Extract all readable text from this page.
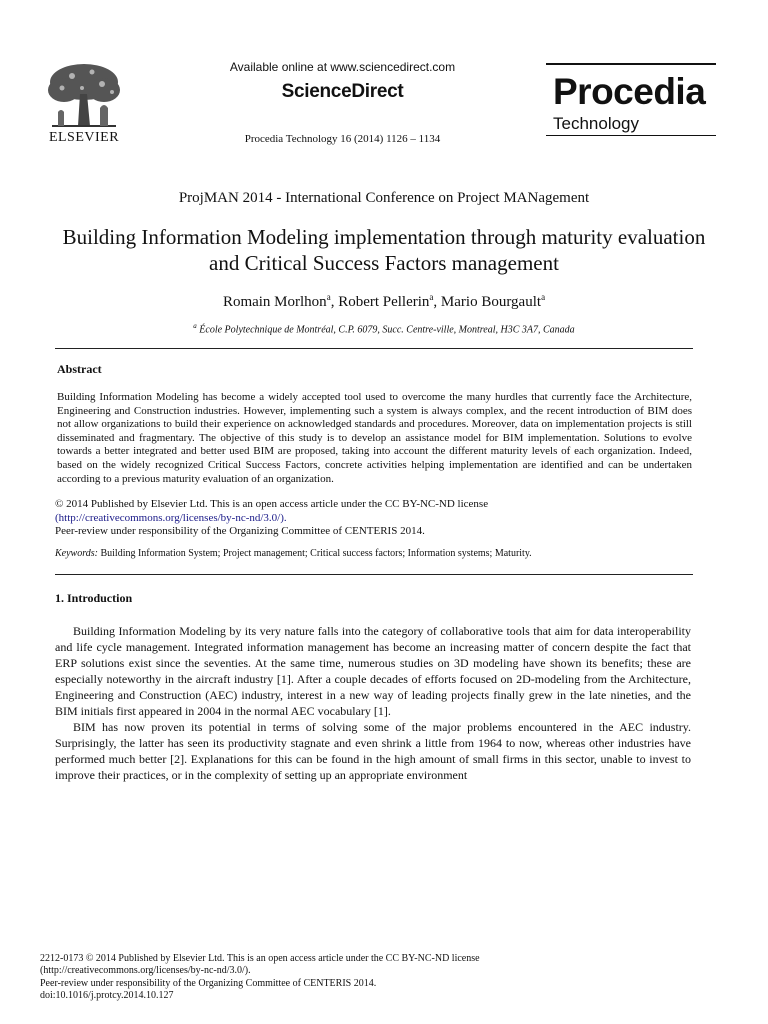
ELSEVIER
Available online at www.sciencedirect.com
ScienceDirect
Procedia Technology 16 (2014) 1126 – 1134
Procedia
Technology
ProjMAN 2014 - International Conference on Project MANagement
Building Information Modeling implementation through maturity evaluation and Critical Success Factors management
Romain Morlhon$^a$, Robert Pellerin$^a$, Mario Bourgault$^a$
$^a$ École Polytechnique de Montréal, C.P. 6079, Succ. Centre-ville, Montreal, H3C 3A7, Canada
Abstract
Building Information Modeling has become a widely accepted tool used to overcome the many hurdles that currently face the Architecture, Engineering and Construction industries. However, implementing such a system is always complex, and the recent introduction of BIM does not allow organizations to build their experience on acknowledged standards and procedures. Moreover, data on implementation projects is still disseminated and fragmentary. The objective of this study is to develop an assistance model for BIM implementation. Solutions to evolve towards a better integrated and better used BIM are proposed, taking into account the different maturity levels of each organization. Indeed, based on the widely recognized Critical Success Factors, concrete activities helping implementation are identified and can be undertaken according to a previous maturity evaluation of an organization.
© 2014 Published by Elsevier Ltd. This is an open access article under the CC BY-NC-ND license
(http://creativecommons.org/licenses/by-nc-nd/3.0/).
Peer-review under responsibility of the Organizing Committee of CENTERIS 2014.
Keywords: Building Information System; Project management; Critical success factors; Information systems; Maturity.
1. Introduction

Building Information Modeling by its very nature falls into the category of collaborative tools that aim for data interoperability and life cycle management. Integrated information management has become an increasing matter of concern despite the fact that ERP solutions exist since the seventies. At the same time, numerous studies on 3D modeling have shown its benefits; these are especially noteworthy in the aircraft industry [1]. After a couple decades of efforts focused on 2D-modeling from the Architecture, Engineering and Construction (AEC) industry, interest in a new way of leading projects finally grew in the late nineties, and the BIM initials first appeared in 2004 in the normal AEC vocabulary [1].

BIM has now proven its potential in terms of solving some of the major problems encountered in the AEC industry. Surprisingly, the latter has seen its productivity stagnate and even shrink a little from 1964 to now, whereas other industries have performed much better [2]. Explanations for this can be found in the high amount of small firms in this sector, unable to invest to improve their practices, or in the complexity of setting up an appropriate environment

2212-0173 © 2014 Published by Elsevier Ltd. This is an open access article under the CC BY-NC-ND license
(http://creativecommons.org/licenses/by-nc-nd/3.0/).
Peer-review under responsibility of the Organizing Committee of CENTERIS 2014.
doi:10.1016/j.protcy.2014.10.127
